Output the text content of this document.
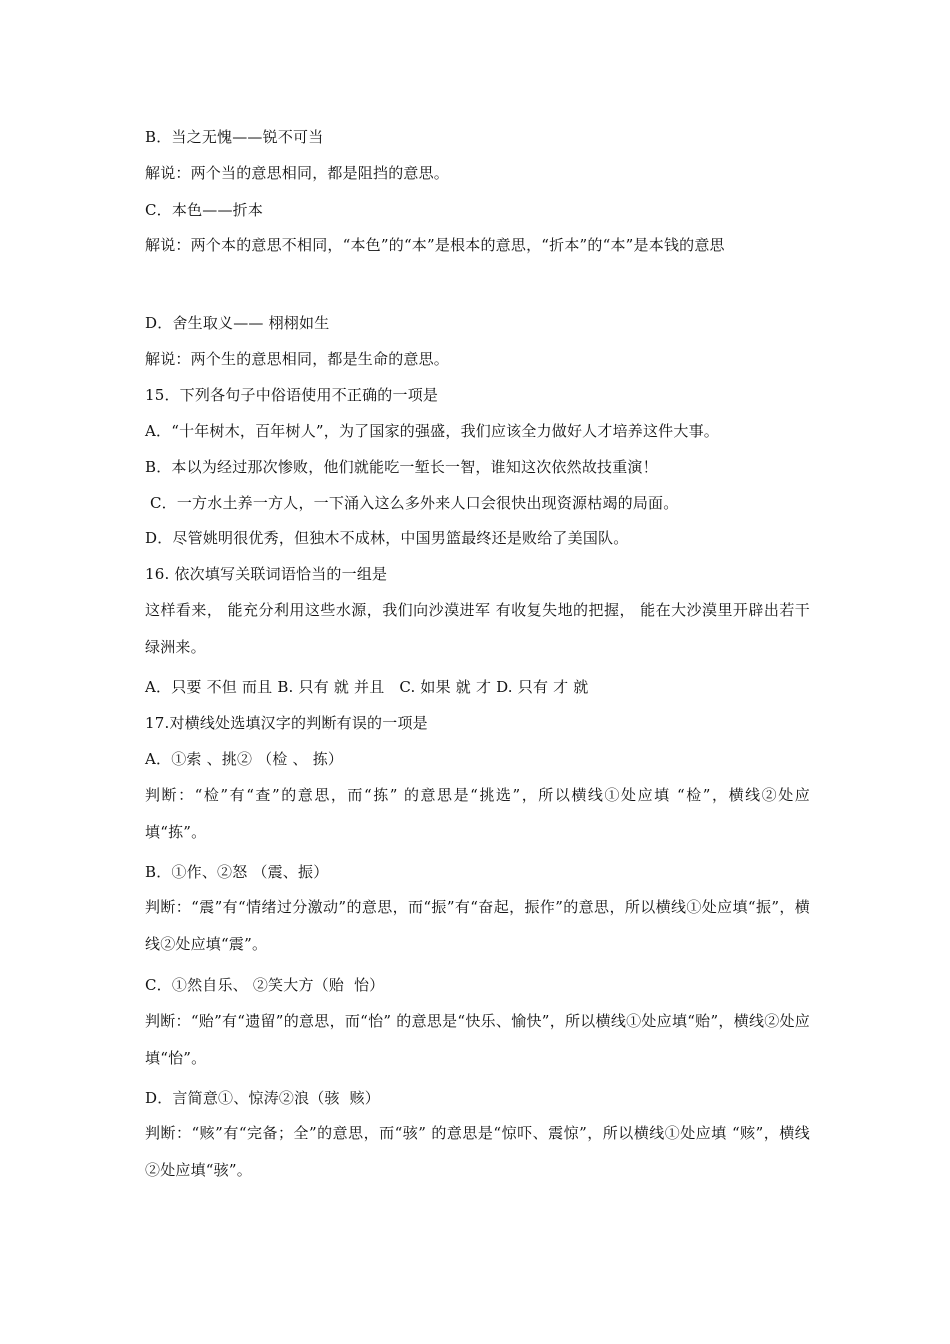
B．当之无愧——锐不可当
解说：两个当的意思相同，都是阻挡的意思。
C．本色——折本
解说：两个本的意思不相同，“本色”的“本”是根本的意思，“折本”的“本”是本钱的意思
D．舍生取义—— 栩栩如生
解说：两个生的意思相同，都是生命的意思。
15．下列各句子中俗语使用不正确的一项是
A．“十年树木，百年树人”，为了国家的强盛，我们应该全力做好人才培养这件大事。
B．本以为经过那次惨败，他们就能吃一堑长一智，谁知这次依然故技重演！
C．一方水土养一方人，一下涌入这么多外来人口会很快出现资源枯竭的局面。
D．尽管姚明很优秀，但独木不成林，中国男篮最终还是败给了美国队。
16. 依次填写关联词语恰当的一组是
这样看来， 能充分利用这些水源，我们向沙漠进军 有收复失地的把握， 能在大沙漠里开辟出若干绿洲来。
A．只要 不但 而且 B. 只有 就 并且   C. 如果 就 才 D. 只有 才 就
17.对横线处选填汉字的判断有误的一项是
A．①索 、挑② （检 、 拣）
判断：“检”有“查”的意思，而“拣” 的意思是“挑选”，所以横线①处应填 “检”，横线②处应填“拣”。
B．①作、②怒 （震、振）
判断：“震”有“情绪过分激动”的意思，而“振”有“奋起，振作”的意思，所以横线①处应填“振”，横线②处应填“震”。
C．①然自乐、 ②笑大方（贻  怡）
判断：“贻”有“遗留”的意思，而“怡” 的意思是“快乐、愉快”，所以横线①处应填“贻”，横线②处应填“怡”。
D．言简意①、惊涛②浪（骇  赅）
判断：“赅”有“完备；全”的意思，而“骇” 的意思是“惊吓、震惊”，所以横线①处应填 “赅”，横线②处应填“骇”。
